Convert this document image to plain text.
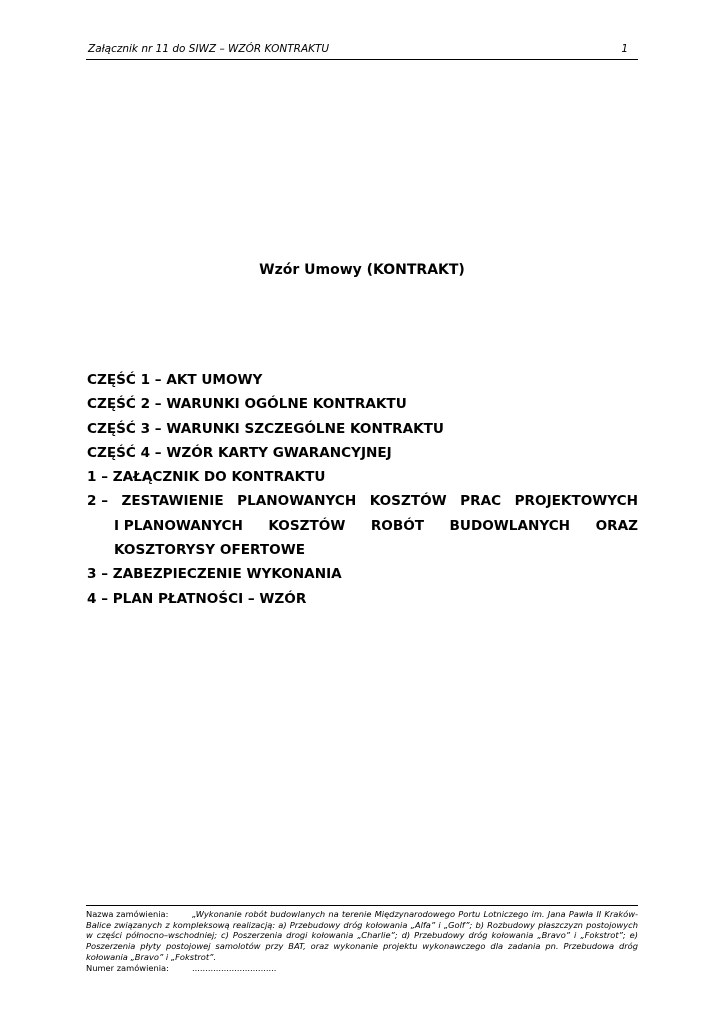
Załącznik nr 11 do SIWZ – WZÓR KONTRAKTU	1
Wzór Umowy (KONTRAKT)
CZĘŚĆ 1 – AKT UMOWY
CZĘŚĆ 2 – WARUNKI OGÓLNE KONTRAKTU
CZĘŚĆ 3 – WARUNKI SZCZEGÓLNE KONTRAKTU
CZĘŚĆ 4 – WZÓR KARTY GWARANCYJNEJ
1 – ZAŁĄCZNIK DO KONTRAKTU
2 – ZESTAWIENIE PLANOWANYCH KOSZTÓW PRAC PROJEKTOWYCH
I PLANOWANYCH KOSZTÓW ROBÓT BUDOWLANYCH ORAZ
KOSZTORYSY OFERTOWE
3 – ZABEZPIECZENIE WYKONANIA
4 – PLAN PŁATNOŚCI – WZÓR
Nazwa zamówienia:	„Wykonanie robót budowlanych na terenie Międzynarodowego Portu Lotniczego im. Jana Pawła II Kraków-Balice związanych z kompleksową realizacją: a) Przebudowy dróg kołowania „Alfa” i „Golf”; b) Rozbudowy płaszczyzn postojowych w części północno–wschodniej; c) Poszerzenia drogi kołowania „Charlie”; d) Przebudowy dróg kołowania „Bravo” i „Fokstrot”; e) Poszerzenia płyty postojowej samolotów przy BAT, oraz wykonanie projektu wykonawczego dla zadania pn. Przebudowa dróg kołowania „Bravo” i „Fokstrot”.
Numer zamówienia:	................................
